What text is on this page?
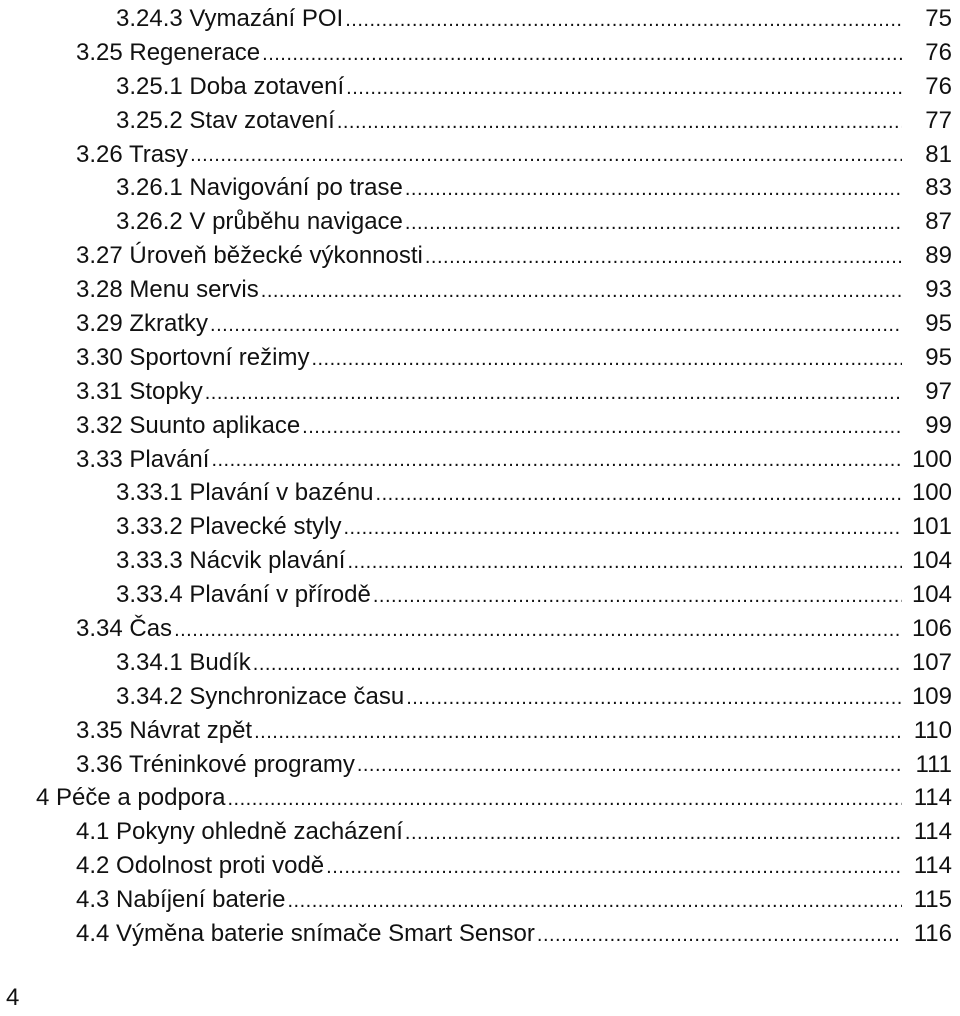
3.24.3 Vymazání POI .....	75
3.25 Regenerace .....	76
3.25.1 Doba zotavení .....	76
3.25.2 Stav zotavení .....	77
3.26 Trasy .....	81
3.26.1 Navigování po trase .....	83
3.26.2 V průběhu navigace .....	87
3.27 Úroveň běžecké výkonnosti .....	89
3.28 Menu servis .....	93
3.29 Zkratky .....	95
3.30 Sportovní režimy .....	95
3.31 Stopky .....	97
3.32 Suunto aplikace .....	99
3.33 Plavání .....	100
3.33.1 Plavání v bazénu .....	100
3.33.2 Plavecké styly .....	101
3.33.3 Nácvik plavání .....	104
3.33.4 Plavání v přírodě .....	104
3.34 Čas .....	106
3.34.1 Budík .....	107
3.34.2 Synchronizace času .....	109
3.35 Návrat zpět .....	110
3.36 Tréninkové programy .....	111
4 Péče a podpora .....	114
4.1 Pokyny ohledně zacházení .....	114
4.2 Odolnost proti vodě .....	114
4.3 Nabíjení baterie .....	115
4.4 Výměna baterie snímače Smart Sensor .....	116
4
